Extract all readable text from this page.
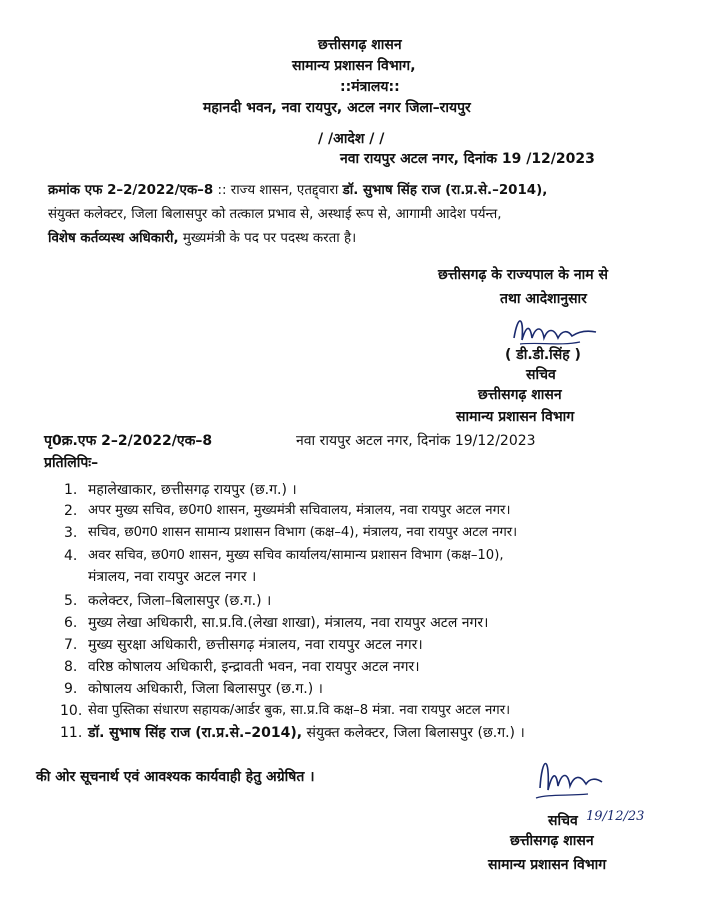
छत्तीसगढ़ शासन
सामान्य प्रशासन विभाग,
::मंत्रालय::
महानदी भवन, नवा रायपुर, अटल नगर जिला–रायपुर
/ /आदेश / /
नवा रायपुर अटल नगर, दिनांक 19 /12/2023
क्रमांक एफ 2–2/2022/एक–8 :: राज्य शासन, एतद्द्वारा डॉ. सुभाष सिंह राज (रा.प्र.से.–2014),
संयुक्त कलेक्टर, जिला बिलासपुर को तत्काल प्रभाव से, अस्थाई रूप से, आगामी आदेश पर्यन्त,
विशेष कर्तव्यस्थ अधिकारी, मुख्यमंत्री के पद पर पदस्थ करता है।
छत्तीसगढ़ के राज्यपाल के नाम से
तथा आदेशानुसार
( डी.डी.सिंह )
सचिव
छत्तीसगढ़ शासन
सामान्य प्रशासन विभाग
पृ0क्र.एफ 2–2/2022/एक–8	नवा रायपुर अटल नगर, दिनांक 19/12/2023
प्रतिलिपिः–
1. महालेखाकार, छत्तीसगढ़ रायपुर (छ.ग.) ।
2. अपर मुख्य सचिव, छ0ग0 शासन, मुख्यमंत्री सचिवालय, मंत्रालय, नवा रायपुर अटल नगर।
3. सचिव, छ0ग0 शासन सामान्य प्रशासन विभाग (कक्ष–4), मंत्रालय, नवा रायपुर अटल नगर।
4. अवर सचिव, छ0ग0 शासन, मुख्य सचिव कार्यालय/सामान्य प्रशासन विभाग (कक्ष–10),
मंत्रालय, नवा रायपुर अटल नगर ।
5. कलेक्टर, जिला–बिलासपुर (छ.ग.) ।
6. मुख्य लेखा अधिकारी, सा.प्र.वि.(लेखा शाखा), मंत्रालय, नवा रायपुर अटल नगर।
7. मुख्य सुरक्षा अधिकारी, छत्तीसगढ़ मंत्रालय, नवा रायपुर अटल नगर।
8. वरिष्ठ कोषालय अधिकारी, इन्द्रावती भवन, नवा रायपुर अटल नगर।
9. कोषालय अधिकारी, जिला बिलासपुर (छ.ग.) ।
10. सेवा पुस्तिका संधारण सहायक/आर्डर बुक, सा.प्र.वि कक्ष–8 मंत्रा. नवा रायपुर अटल नगर।
11. डॉ. सुभाष सिंह राज (रा.प्र.से.–2014), संयुक्त कलेक्टर, जिला बिलासपुर (छ.ग.) ।
की ओर सूचनार्थ एवं आवश्यक कार्यवाही हेतु अग्रेषित ।
सचिव 19/12/23
छत्तीसगढ़ शासन
सामान्य प्रशासन विभाग
